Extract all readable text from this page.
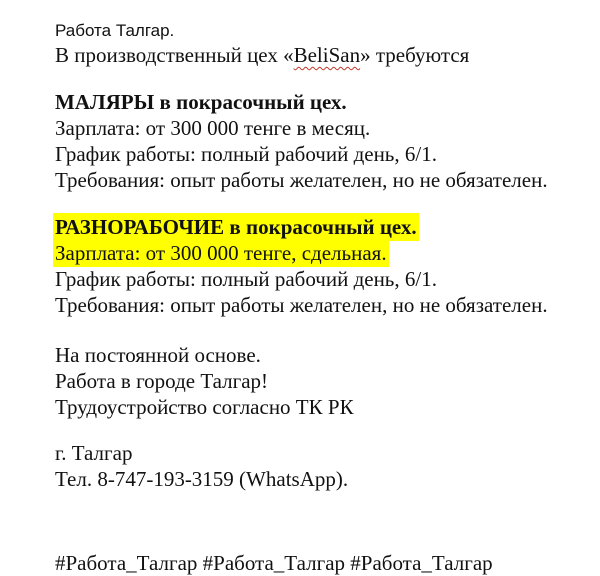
Работа Талгар.
В производственный цех «BeliSan» требуются
МАЛЯРЫ в покрасочный цех.
Зарплата: от 300 000 тенге в месяц.
График работы: полный рабочий день, 6/1.
Требования: опыт работы желателен, но не обязателен.
РАЗНОРАБОЧИЕ в покрасочный цех.
Зарплата: от 300 000 тенге, сдельная.
График работы: полный рабочий день, 6/1.
Требования: опыт работы желателен, но не обязателен.
На постоянной основе.
Работа в городе Талгар!
Трудоустройство согласно ТК РК
г. Талгар
Тел. 8-747-193-3159 (WhatsApp).
#Работа_Талгар #Работа_Талгар #Работа_Талгар
